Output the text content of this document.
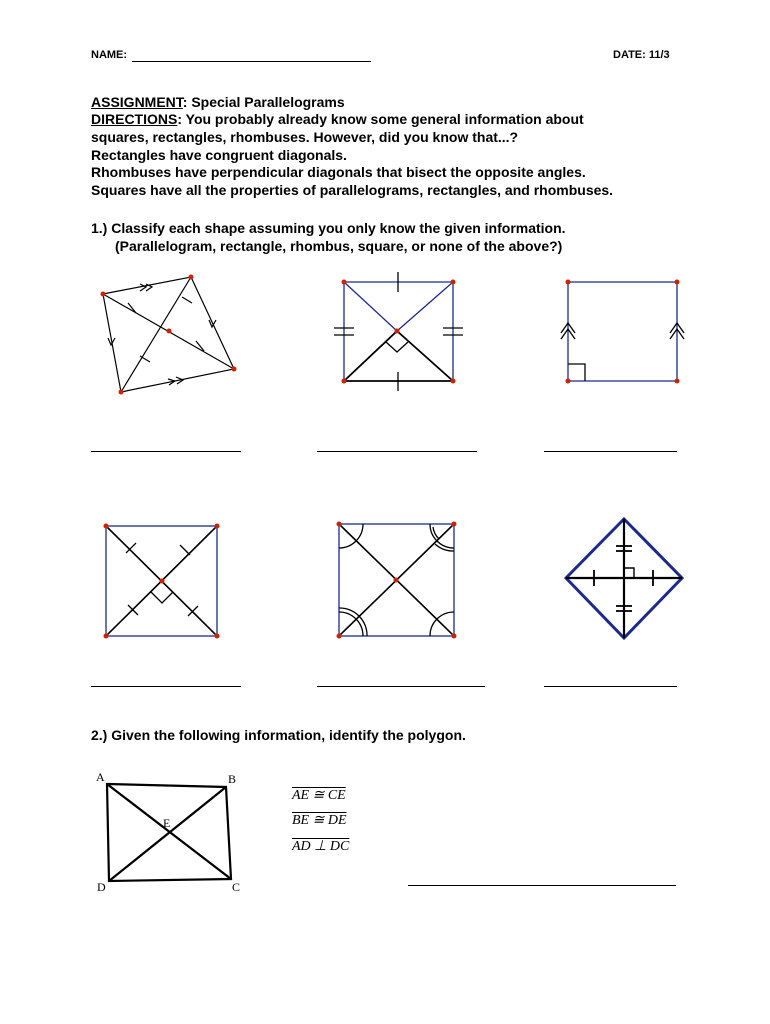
NAME:	DATE: 11/3
ASSIGNMENT: Special Parallelograms
DIRECTIONS: You probably already know some general information about
squares, rectangles, rhombuses. However, did you know that...?
Rectangles have congruent diagonals.
Rhombuses have perpendicular diagonals that bisect the opposite angles.
Squares have all the properties of parallelograms, rectangles, and rhombuses.
1.) Classify each shape assuming you only know the given information.
(Parallelogram, rectangle, rhombus, square, or none of the above?)
2.) Given the following information, identify the polygon.
A	B
E
D	C
AE ≅ CE
BE ≅ DE
AD ⊥ DC
